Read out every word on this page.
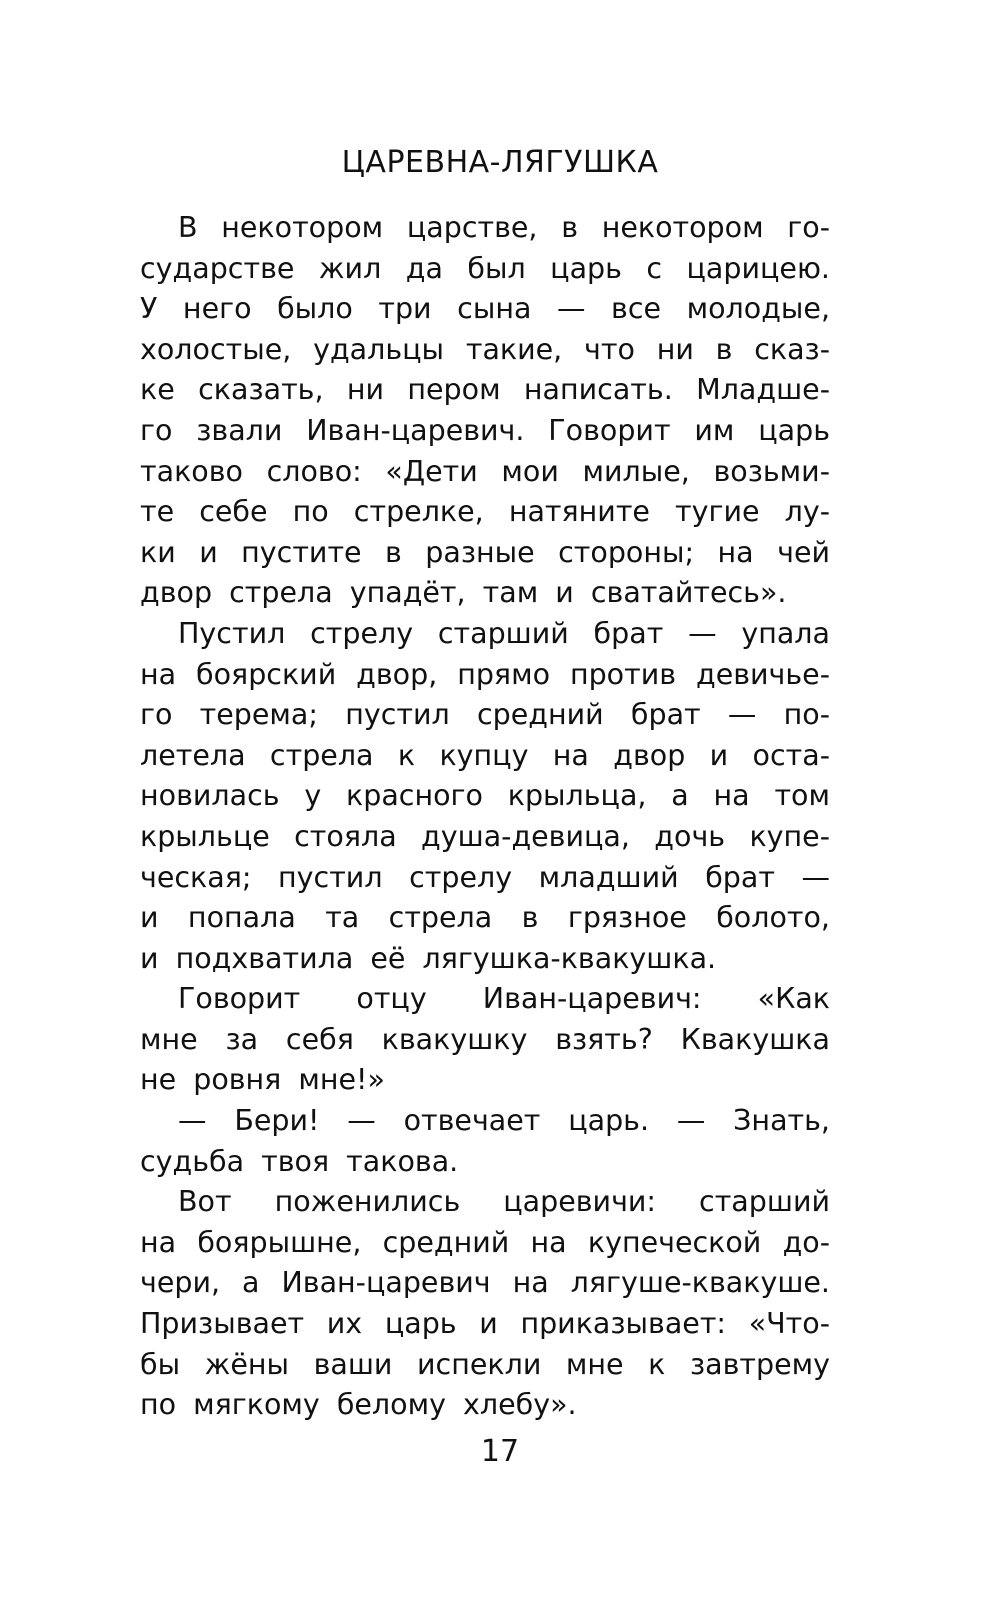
ЦАРЕВНА-ЛЯГУШКА
В некотором царстве, в некотором го-
сударстве жил да был царь с царицею.
У него было три сына — все молодые,
холостые, удальцы такие, что ни в сказ-
ке сказать, ни пером написать. Младше-
го звали Иван-царевич. Говорит им царь
таково слово: «Дети мои милые, возьми-
те себе по стрелке, натяните тугие лу-
ки и пустите в разные стороны; на чей
двор стрела упадёт, там и сватайтесь».
Пустил стрелу старший брат — упала
на боярский двор, прямо против девичье-
го терема; пустил средний брат — по-
летела стрела к купцу на двор и оста-
новилась у красного крыльца, а на том
крыльце стояла душа-девица, дочь купе-
ческая; пустил стрелу младший брат —
и попала та стрела в грязное болото,
и подхватила её лягушка-квакушка.
Говорит отцу Иван-царевич: «Как
мне за себя квакушку взять? Квакушка
не ровня мне!»
— Бери! — отвечает царь. — Знать,
судьба твоя такова.
Вот поженились царевичи: старший
на боярышне, средний на купеческой до-
чери, а Иван-царевич на лягуше-квакуше.
Призывает их царь и приказывает: «Что-
бы жёны ваши испекли мне к завтрему
по мягкому белому хлебу».
17
